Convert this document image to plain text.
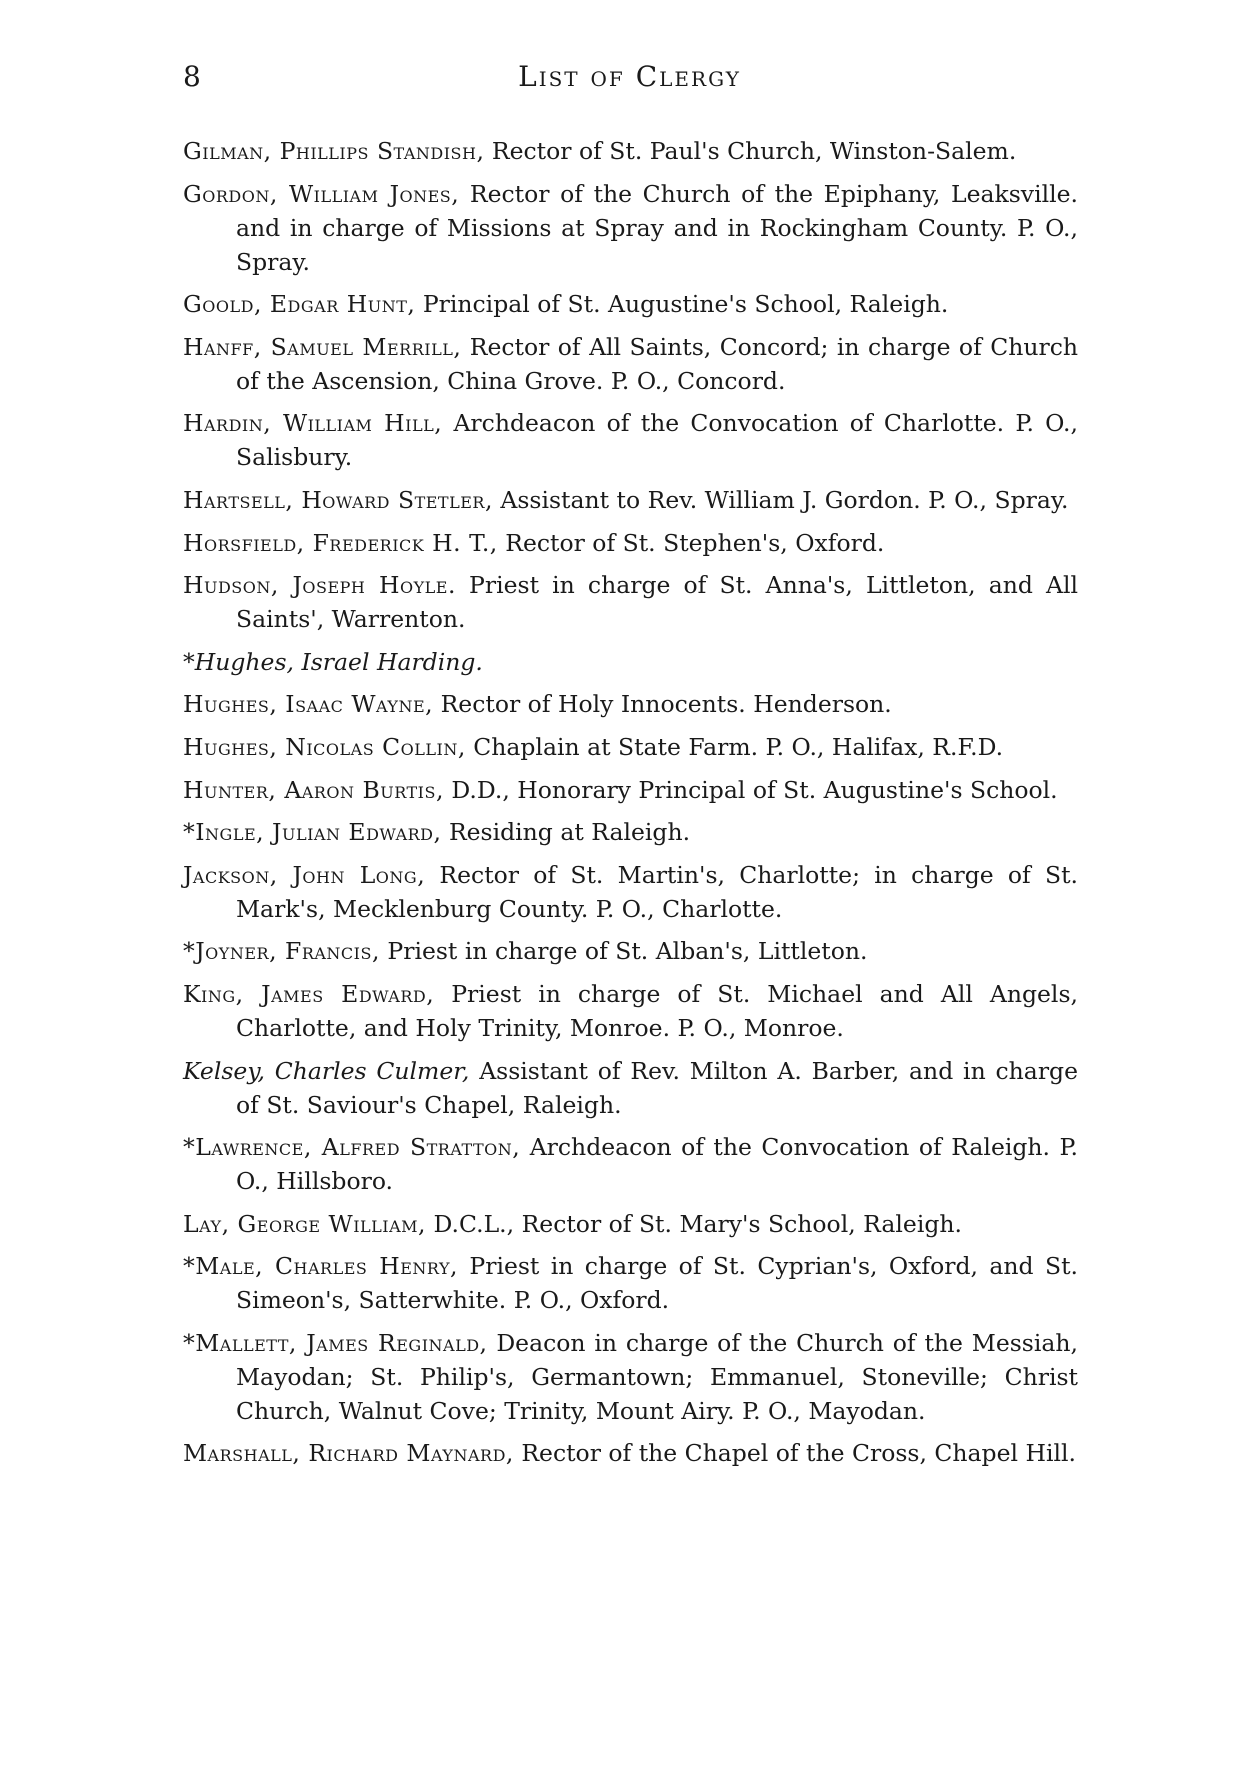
8	List of Clergy

Gilman, Phillips Standish, Rector of St. Paul's Church, Winston-Salem.

Gordon, William Jones, Rector of the Church of the Epiphany, Leaksville. and in charge of Missions at Spray and in Rockingham County. P. O., Spray.

Goold, Edgar Hunt, Principal of St. Augustine's School, Raleigh.

Hanff, Samuel Merrill, Rector of All Saints, Concord; in charge of Church of the Ascension, China Grove. P. O., Concord.

Hardin, William Hill, Archdeacon of the Convocation of Charlotte. P. O., Salisbury.

Hartsell, Howard Stetler, Assistant to Rev. William J. Gordon. P. O., Spray.

Horsfield, Frederick H. T., Rector of St. Stephen's, Oxford.

Hudson, Joseph Hoyle. Priest in charge of St. Anna's, Littleton, and All Saints', Warrenton.

*Hughes, Israel Harding.

Hughes, Isaac Wayne, Rector of Holy Innocents. Henderson.

Hughes, Nicolas Collin, Chaplain at State Farm. P. O., Halifax, R.F.D.

Hunter, Aaron Burtis, D.D., Honorary Principal of St. Augustine's School.

*Ingle, Julian Edward, Residing at Raleigh.

Jackson, John Long, Rector of St. Martin's, Charlotte; in charge of St. Mark's, Mecklenburg County. P. O., Charlotte.

*Joyner, Francis, Priest in charge of St. Alban's, Littleton.

King, James Edward, Priest in charge of St. Michael and All Angels, Charlotte, and Holy Trinity, Monroe. P. O., Monroe.

Kelsey, Charles Culmer, Assistant of Rev. Milton A. Barber, and in charge of St. Saviour's Chapel, Raleigh.

*Lawrence, Alfred Stratton, Archdeacon of the Convocation of Raleigh. P. O., Hillsboro.

Lay, George William, D.C.L., Rector of St. Mary's School, Raleigh.

*Male, Charles Henry, Priest in charge of St. Cyprian's, Oxford, and St. Simeon's, Satterwhite. P. O., Oxford.

*Mallett, James Reginald, Deacon in charge of the Church of the Messiah, Mayodan; St. Philip's, Germantown; Emmanuel, Stoneville; Christ Church, Walnut Cove; Trinity, Mount Airy. P. O., Mayodan.

Marshall, Richard Maynard, Rector of the Chapel of the Cross, Chapel Hill.
